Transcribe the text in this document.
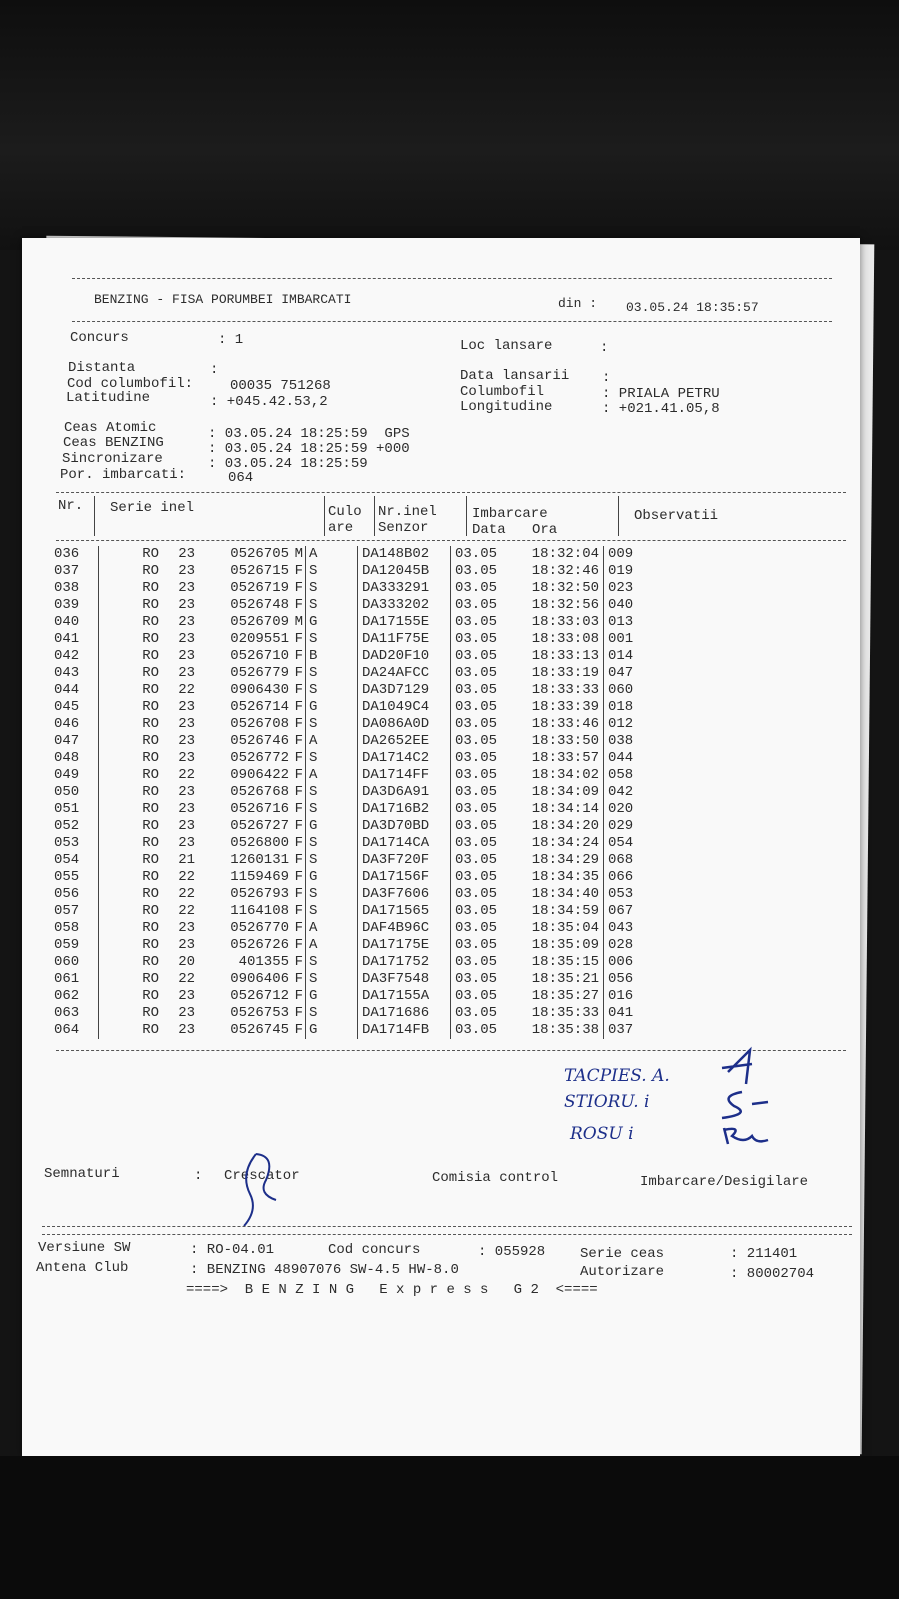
BENZING - FISA PORUMBEI IMBARCATI	din : 03.05.24 18:35:57
Concurs	: 1	Loc lansare	:
Distanta	:
Cod columbofil:	00035 751268
Latitudine	: +045.42.53,2
Data lansarii :
Columbofil	: PRIALA PETRU
Longitudine	: +021.41.05,8
Ceas Atomic	: 03.05.24 18:25:59  GPS
Ceas BENZING	: 03.05.24 18:25:59 +000
Sincronizare	: 03.05.24 18:25:59
Por. imbarcati:	064
Nr. Serie inel	Culo
are
Nr.inel
Senzor
Imbarcare
Data Ora
Observatii
036		RO	23	0526705	M	A	DA148B02	03.05	18:32:04	009
037		RO	23	0526715	F	S	DA12045B	03.05	18:32:46	019
038		RO	23	0526719	F	S	DA333291	03.05	18:32:50	023
039		RO	23	0526748	F	S	DA333202	03.05	18:32:56	040
040		RO	23	0526709	M	G	DA17155E	03.05	18:33:03	013
041		RO	23	0209551	F	S	DA11F75E	03.05	18:33:08	001
042		RO	23	0526710	F	B	DAD20F10	03.05	18:33:13	014
043		RO	23	0526779	F	S	DA24AFCC	03.05	18:33:19	047
044		RO	22	0906430	F	S	DA3D7129	03.05	18:33:33	060
045		RO	23	0526714	F	G	DA1049C4	03.05	18:33:39	018
046		RO	23	0526708	F	S	DA086A0D	03.05	18:33:46	012
047		RO	23	0526746	F	A	DA2652EE	03.05	18:33:50	038
048		RO	23	0526772	F	S	DA1714C2	03.05	18:33:57	044
049		RO	22	0906422	F	A	DA1714FF	03.05	18:34:02	058
050		RO	23	0526768	F	S	DA3D6A91	03.05	18:34:09	042
051		RO	23	0526716	F	S	DA1716B2	03.05	18:34:14	020
052		RO	23	0526727	F	G	DA3D70BD	03.05	18:34:20	029
053		RO	23	0526800	F	S	DA1714CA	03.05	18:34:24	054
054		RO	21	1260131	F	S	DA3F720F	03.05	18:34:29	068
055		RO	22	1159469	F	G	DA17156F	03.05	18:34:35	066
056		RO	22	0526793	F	S	DA3F7606	03.05	18:34:40	053
057		RO	22	1164108	F	S	DA171565	03.05	18:34:59	067
058		RO	23	0526770	F	A	DAF4B96C	03.05	18:35:04	043
059		RO	23	0526726	F	A	DA17175E	03.05	18:35:09	028
060		RO	20	401355	F	S	DA171752	03.05	18:35:15	006
061		RO	22	0906406	F	S	DA3F7548	03.05	18:35:21	056
062		RO	23	0526712	F	G	DA17155A	03.05	18:35:27	016
063		RO	23	0526753	F	S	DA171686	03.05	18:35:33	041
064		RO	23	0526745	F	G	DA1714FB	03.05	18:35:38	037
TACPIES. A.
STIORU. i
ROSU i
Semnaturi	: Crescator	Comisia control	Imbarcare/Desigilare
Versiune SW	: RO-04.01	Cod concurs	: 055928 Serie ceas	: 211401
Antena Club	: BENZING 48907076 SW-4.5 HW-8.0	Autorizare	: 80002704
====>  B E N Z I N G   E x p r e s s   G 2  <====
